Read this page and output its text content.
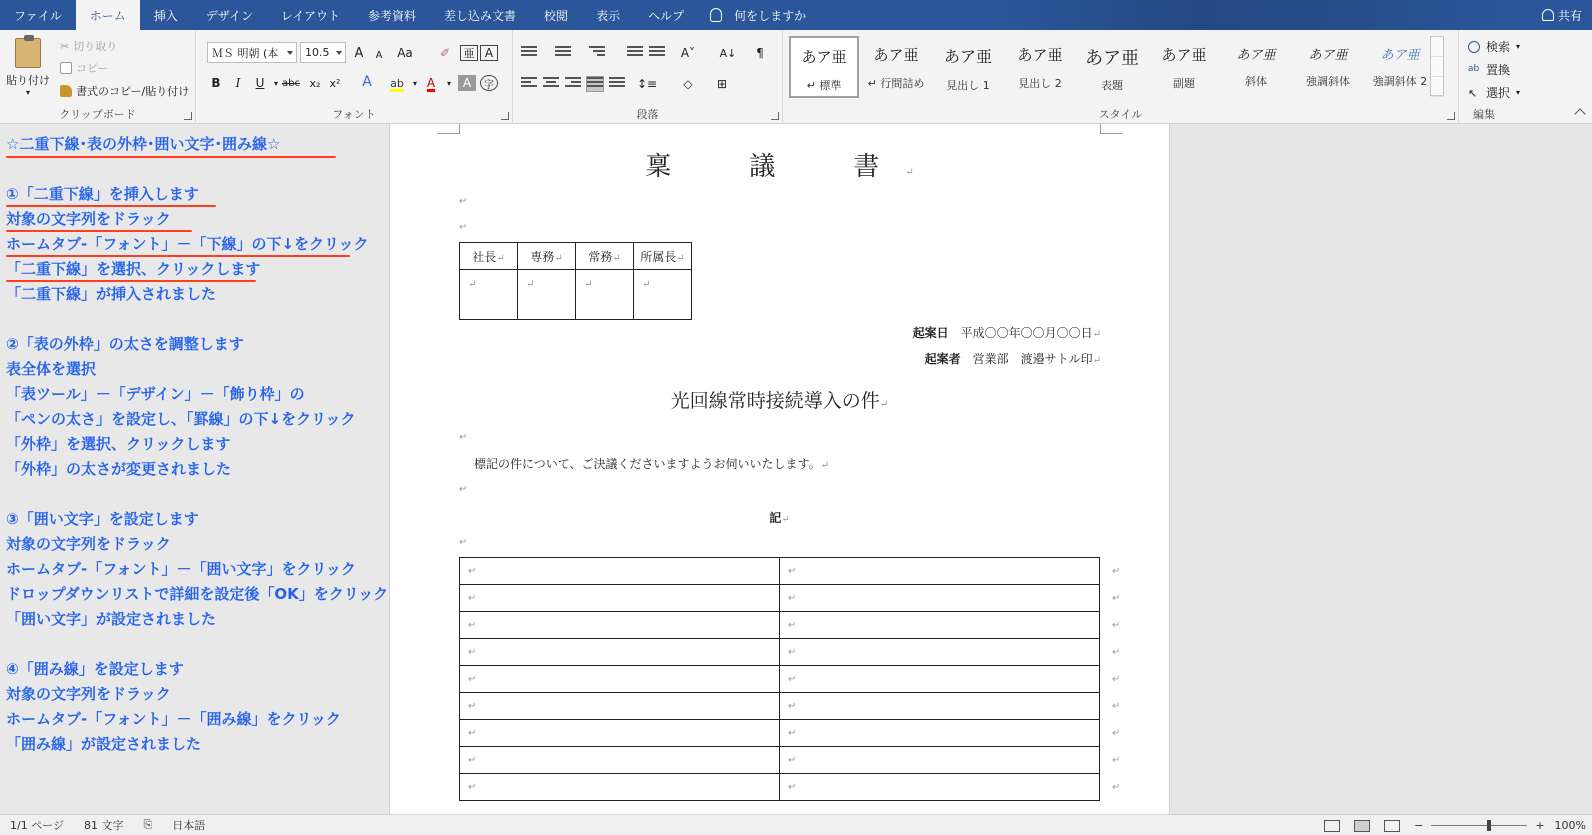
ファイル	ホーム	挿入	デザイン	レイアウト	参考資料	差し込み文書	校閲	表示	ヘルプ	何をしますか	共有
貼り付け
▾
✂ 切り取り
コピー
書式のコピー/貼り付け
クリップボード
ＭＳ 明朝 (本 10.5	A	A	Aa	✐	亜 A
B	I	U	▾ abc x₂ x²	A	ab	▾ A	▾ A	字
フォント
A˅ A↓	¶
↕≡	◇	⊞
段落	スタイル
あア亜
↵ 標準
あア亜
↵ 行間詰め
あア亜
見出し 1
あア亜
見出し 2
あア亜
表題
あア亜
副題
あア亜
斜体
あア亜
強調斜体
あア亜
強調斜体 2
編集
検索 ▾
ab 置換
↖ 選択 ▾
☆二重下線･表の外枠･囲い文字･囲み線☆
①「二重下線」を挿入します
対象の文字列をドラック
ホームタブ-「フォント」－「下線」の下↓をクリック
「二重下線」を選択、クリックします
「二重下線」が挿入されました
②「表の外枠」の太さを調整します
表全体を選択
「表ツール」－「デザイン」－「飾り枠」の
「ペンの太さ」を設定し、「罫線」の下↓をクリック
「外枠」を選択、クリックします
「外枠」の太さが変更されました
③「囲い文字」を設定します
対象の文字列をドラック
ホームタブ-「フォント」－「囲い文字」をクリック
ドロップダウンリストで詳細を設定後「OK」をクリック
「囲い文字」が設定されました
④「囲み線」を設定します
対象の文字列をドラック
ホームタブ-「フォント」－「囲み線」をクリック
「囲み線」が設定されました
稟　議　書↵
↵
↵
社長↵	専務↵	常務↵	所属長↵
↵	↵	↵	↵
起案日 平成〇〇年〇〇月〇〇日↵
起案者 営業部　渡邉サトル印↵
光回線常時接続導入の件↵
↵
標記の件について、ご決議くださいますようお伺いいたします。↵
↵
記↵
↵
↵	↵	↵
↵	↵	↵
↵	↵	↵
↵	↵	↵
↵	↵	↵
↵	↵	↵
↵	↵	↵
↵	↵	↵
↵	↵	↵
1/1 ページ 81 文字 ⎘ 日本語	−	+ 100%
